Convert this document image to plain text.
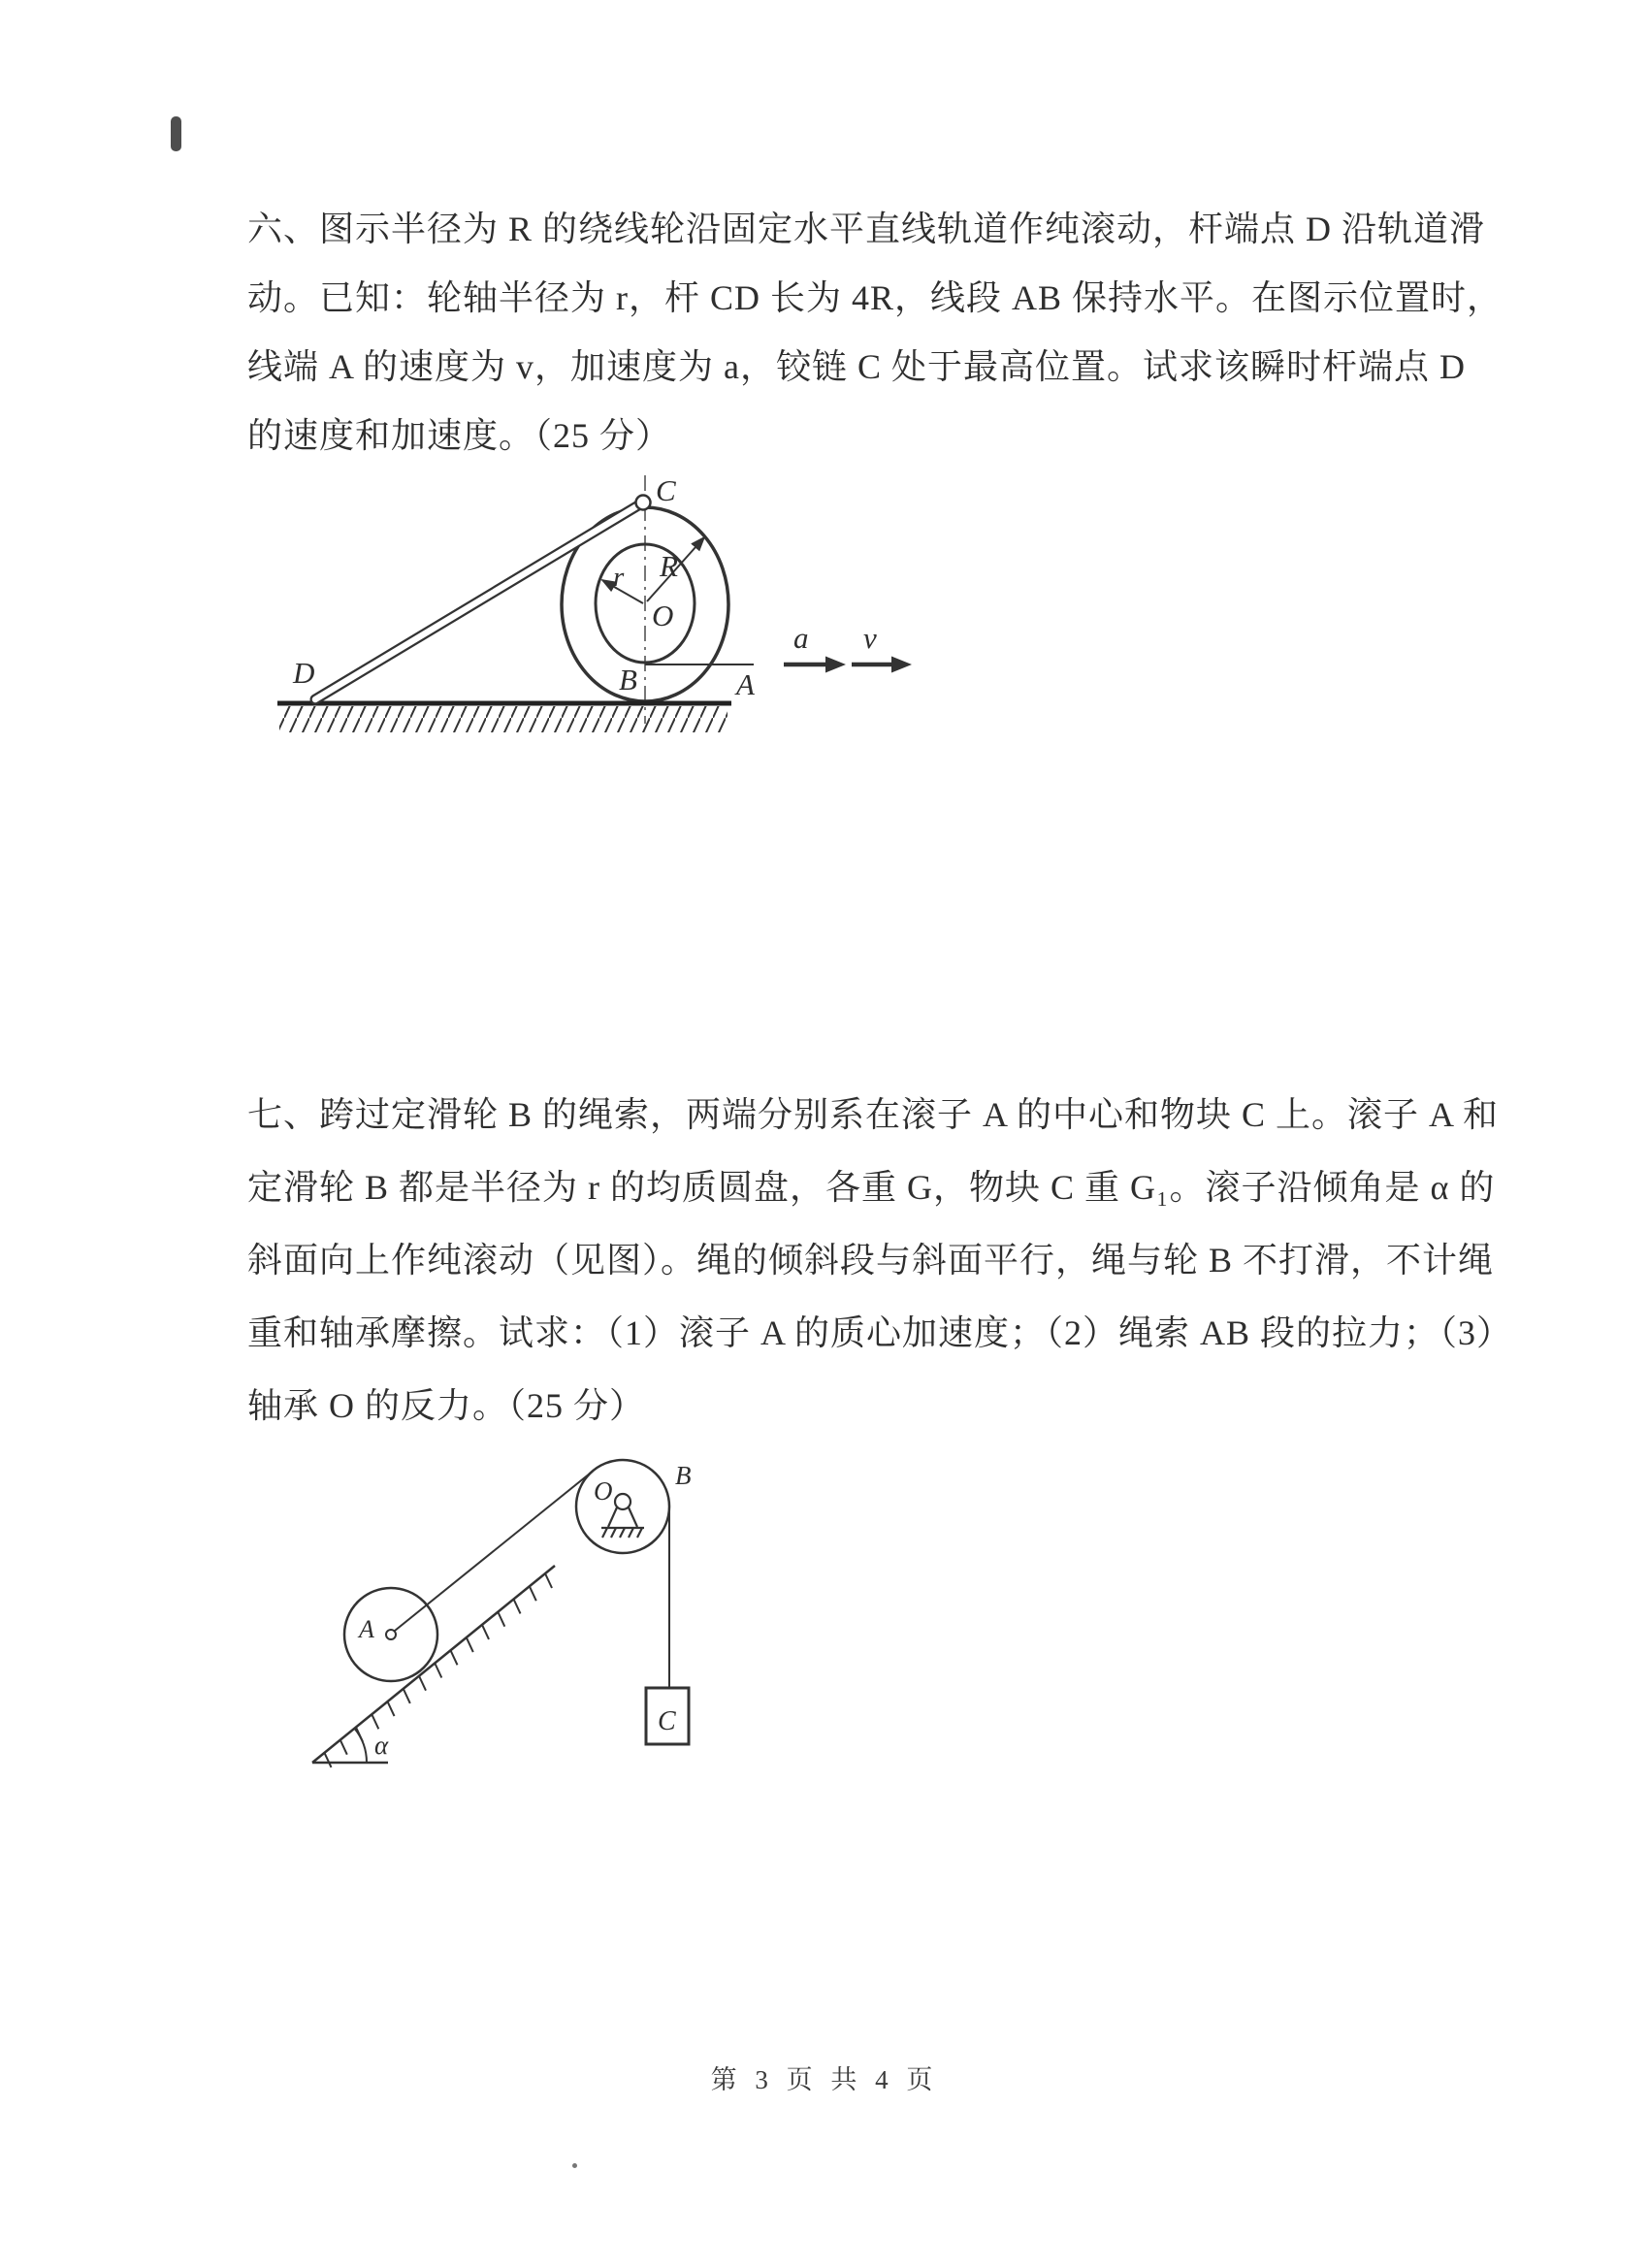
六、图示半径为 R 的绕线轮沿固定水平直线轨道作纯滚动，杆端点 D 沿轨道滑
动。已知：轮轴半径为 r，杆 CD 长为 4R，线段 AB 保持水平。在图示位置时，
线端 A 的速度为 v，加速度为 a，铰链 C 处于最高位置。试求该瞬时杆端点 D
的速度和加速度。（25 分）
C
D
R
r
O
B	A
a v
七、跨过定滑轮 B 的绳索，两端分别系在滚子 A 的中心和物块 C 上。滚子 A 和
定滑轮 B 都是半径为 r 的均质圆盘，各重 G，物块 C 重 G₁。滚子沿倾角是 α 的
斜面向上作纯滚动（见图）。绳的倾斜段与斜面平行，绳与轮 B 不打滑，不计绳
重和轴承摩擦。试求：（1）滚子 A 的质心加速度；（2）绳索 AB 段的拉力；（3）
轴承 O 的反力。（25 分）
A
O
B
C
α
第 3 页 共 4 页
